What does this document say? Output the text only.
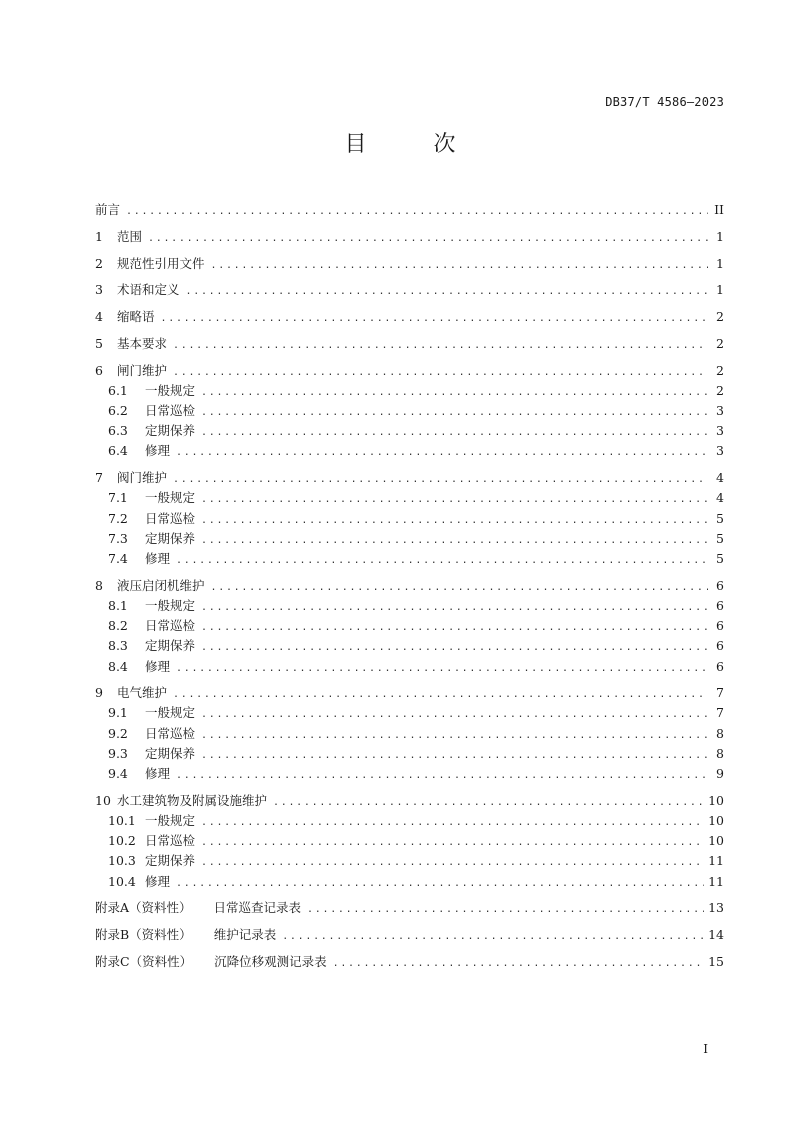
DB37/T 4586—2023
目 次
前言 .....	II
1	范围 .....	1
2	规范性引用文件 .....	1
3	术语和定义 .....	1
4	缩略语 .....	2
5	基本要求 .....	2
6	闸门维护 .....	2
6.1	一般规定 .....	2
6.2	日常巡检 .....	3
6.3	定期保养 .....	3
6.4	修理 .....	3
7	阀门维护 .....	4
7.1	一般规定 .....	4
7.2	日常巡检 .....	5
7.3	定期保养 .....	5
7.4	修理 .....	5
8	液压启闭机维护 .....	6
8.1	一般规定 .....	6
8.2	日常巡检 .....	6
8.3	定期保养 .....	6
8.4	修理 .....	6
9	电气维护 .....	7
9.1	一般规定 .....	7
9.2	日常巡检 .....	8
9.3	定期保养 .....	8
9.4	修理 .....	9
10 水工建筑物及附属设施维护 .....	10
10.1 一般规定 .....	10
10.2 日常巡检 .....	10
10.3 定期保养 .....	11
10.4 修理 .....	11
附录A（资料性） 日常巡查记录表 .....	13
附录B（资料性） 维护记录表 .....	14
附录C（资料性） 沉降位移观测记录表 .....	15
I
